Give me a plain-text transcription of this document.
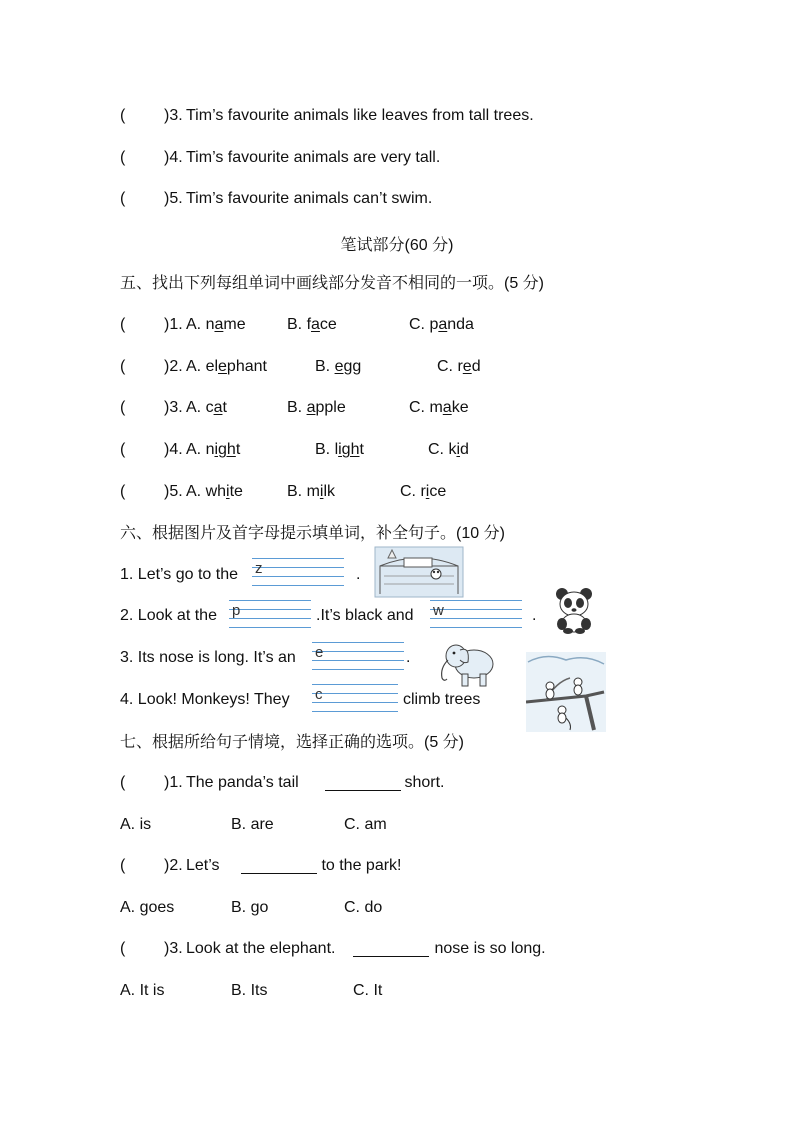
( )3. Tim’s favourite animals like leaves from tall trees.
( )4. Tim’s favourite animals are very tall.
( )5. Tim’s favourite animals can’t swim.
笔试部分(60 分)
五、找出下列每组单词中画线部分发音不相同的一项。(5 分)
( )1. A. name	B. face	C. panda
( )2. A. elephant	B. egg	C. red
( )3. A. cat	B. apple	C. make
( )4. A. night	B. light	C. kid
( )5. A. white	B. milk	C. rice
六、根据图片及首字母提示填单词，补全句子。(10 分)
1. Let’s go to the z	.
2. Look at the p	.It’s black and w	.
3. Its nose is long. It’s an e	.
4. Look! Monkeys! They c	climb trees
七、根据所给句子情境，选择正确的选项。(5 分)
( )1. The panda’s tail	short.
A. is	B. are	C. am
( )2. Let’s	to the park!
A. goes	B. go	C. do
( )3. Look at the elephant.	nose is so long.
A. It is	B. Its	C. It
